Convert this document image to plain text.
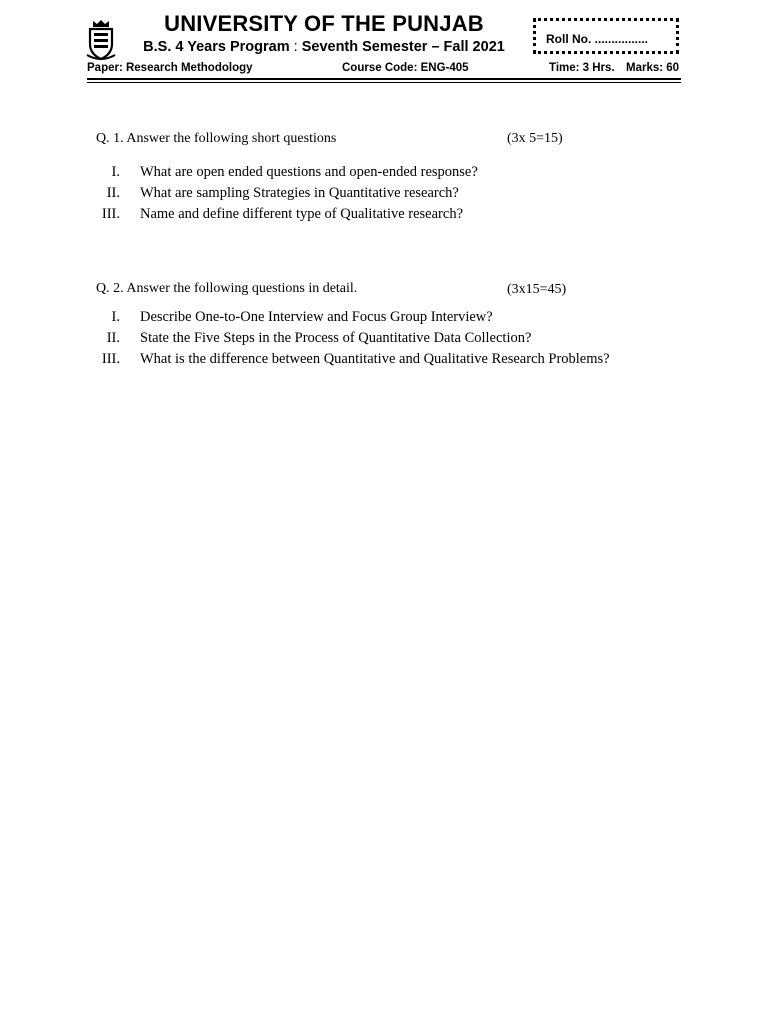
UNIVERSITY OF THE PUNJAB
B.S. 4 Years Program : Seventh Semester – Fall 2021	Roll No. ................
Paper: Research Methodology	Course Code: ENG-405	Time: 3 Hrs. Marks: 60
Q. 1. Answer the following short questions	(3x 5=15)
I. What are open ended questions and open-ended response?
II. What are sampling Strategies in Quantitative research?
III. Name and define different type of Qualitative research?
Q. 2. Answer the following questions in detail.	(3x15=45)
I. Describe One-to-One Interview and Focus Group Interview?
II. State the Five Steps in the Process of Quantitative Data Collection?
III. What is the difference between Quantitative and Qualitative Research Problems?
